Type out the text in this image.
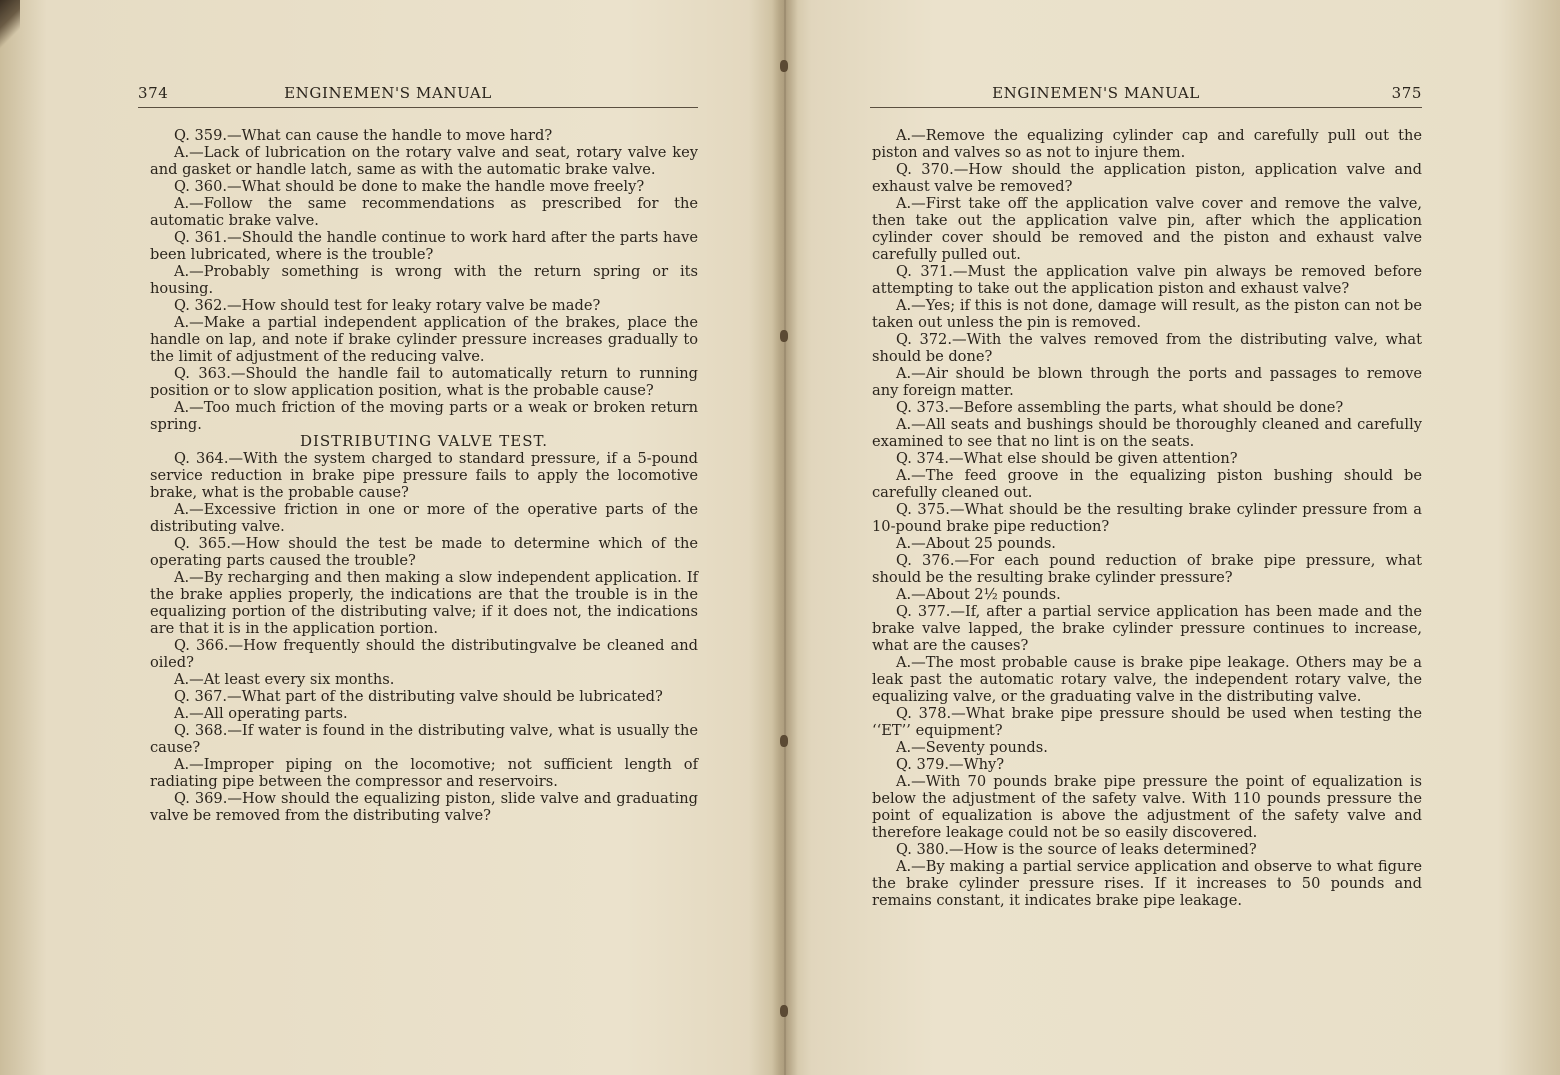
374	ENGINEMEN'S MANUAL

Q. 359.—What can cause the handle to move hard?

A.—Lack of lubrication on the rotary valve and seat, rotary valve key and gasket or handle latch, same as with the automatic brake valve.

Q. 360.—What should be done to make the handle move freely?

A.—Follow the same recommendations as prescribed for the automatic brake valve.

Q. 361.—Should the handle continue to work hard after the parts have been lubricated, where is the trouble?

A.—Probably something is wrong with the return spring or its housing.

Q. 362.—How should test for leaky rotary valve be made?

A.—Make a partial independent application of the brakes, place the handle on lap, and note if brake cylinder pressure increases gradually to the limit of adjustment of the reducing valve.

Q. 363.—Should the handle fail to automatically return to running position or to slow application position, what is the probable cause?

A.—Too much friction of the moving parts or a weak or broken return spring.

DISTRIBUTING VALVE TEST.

Q. 364.—With the system charged to standard pressure, if a 5-pound service reduction in brake pipe pressure fails to apply the locomotive brake, what is the probable cause?

A.—Excessive friction in one or more of the operative parts of the distributing valve.

Q. 365.—How should the test be made to determine which of the operating parts caused the trouble?

A.—By recharging and then making a slow independent application. If the brake applies properly, the indications are that the trouble is in the equalizing portion of the distributing valve; if it does not, the indications are that it is in the application portion.

Q. 366.—How frequently should the distributingvalve be cleaned and oiled?

A.—At least every six months.

Q. 367.—What part of the distributing valve should be lubricated?

A.—All operating parts.

Q. 368.—If water is found in the distributing valve, what is usually the cause?

A.—Improper piping on the locomotive; not sufficient length of radiating pipe between the compressor and reservoirs.

Q. 369.—How should the equalizing piston, slide valve and graduating valve be removed from the distributing valve?

ENGINEMEN'S MANUAL	375

A.—Remove the equalizing cylinder cap and carefully pull out the piston and valves so as not to injure them.

Q. 370.—How should the application piston, application valve and exhaust valve be removed?

A.—First take off the application valve cover and remove the valve, then take out the application valve pin, after which the application cylinder cover should be removed and the piston and exhaust valve carefully pulled out.

Q. 371.—Must the application valve pin always be removed before attempting to take out the application piston and exhaust valve?

A.—Yes; if this is not done, damage will result, as the piston can not be taken out unless the pin is removed.

Q. 372.—With the valves removed from the distributing valve, what should be done?

A.—Air should be blown through the ports and passages to remove any foreign matter.

Q. 373.—Before assembling the parts, what should be done?

A.—All seats and bushings should be thoroughly cleaned and carefully examined to see that no lint is on the seats.

Q. 374.—What else should be given attention?

A.—The feed groove in the equalizing piston bushing should be carefully cleaned out.

Q. 375.—What should be the resulting brake cylinder pressure from a 10-pound brake pipe reduction?

A.—About 25 pounds.

Q. 376.—For each pound reduction of brake pipe pressure, what should be the resulting brake cylinder pressure?

A.—About 2½ pounds.

Q. 377.—If, after a partial service application has been made and the brake valve lapped, the brake cylinder pressure continues to increase, what are the causes?

A.—The most probable cause is brake pipe leakage. Others may be a leak past the automatic rotary valve, the independent rotary valve, the equalizing valve, or the graduating valve in the distributing valve.

Q. 378.—What brake pipe pressure should be used when testing the ‘‘ET’’ equipment?

A.—Seventy pounds.

Q. 379.—Why?

A.—With 70 pounds brake pipe pressure the point of equalization is below the adjustment of the safety valve. With 110 pounds pressure the point of equalization is above the adjustment of the safety valve and therefore leakage could not be so easily discovered.

Q. 380.—How is the source of leaks determined?

A.—By making a partial service application and observe to what figure the brake cylinder pressure rises. If it increases to 50 pounds and remains constant, it indicates brake pipe leakage.
